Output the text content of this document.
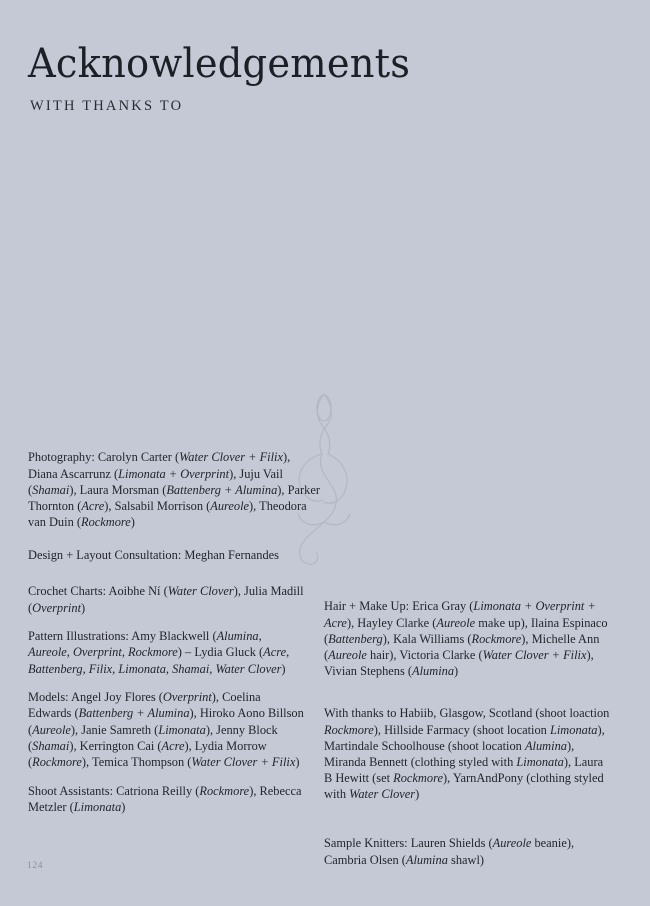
Acknowledgements
WITH THANKS TO

Photography: Carolyn Carter (Water Clover + Filix), Diana Ascarrunz (Limonata + Overprint), Juju Vail (Shamai), Laura Morsman (Battenberg + Alumina), Parker Thornton (Acre), Salsabil Morrison (Aureole), Theodora van Duin (Rockmore)

Design + Layout Consultation: Meghan Fernandes

Crochet Charts: Aoibhe Ní (Water Clover), Julia Madill (Overprint)

Pattern Illustrations: Amy Blackwell (Alumina, Aureole, Overprint, Rockmore) – Lydia Gluck (Acre, Battenberg, Filix, Limonata, Shamai, Water Clover)

Models: Angel Joy Flores (Overprint), Coelina Edwards (Battenberg + Alumina), Hiroko Aono Billson (Aureole), Janie Samreth (Limonata), Jenny Block (Shamai), Kerrington Cai (Acre), Lydia Morrow (Rockmore), Temica Thompson (Water Clover + Filix)

Shoot Assistants: Catriona Reilly (Rockmore), Rebecca Metzler (Limonata)

Hair + Make Up: Erica Gray (Limonata + Overprint + Acre), Hayley Clarke (Aureole make up), Ilaina Espinaco (Battenberg), Kala Williams (Rockmore), Michelle Ann (Aureole hair), Victoria Clarke (Water Clover + Filix), Vivian Stephens (Alumina)

With thanks to Habiib, Glasgow, Scotland (shoot loaction Rockmore), Hillside Farmacy (shoot location Limonata), Martindale Schoolhouse (shoot location Alumina), Miranda Bennett (clothing styled with Limonata), Laura B Hewitt (set Rockmore), YarnAndPony (clothing styled with Water Clover)

Sample Knitters: Lauren Shields (Aureole beanie), Cambria Olsen (Alumina shawl)

124
